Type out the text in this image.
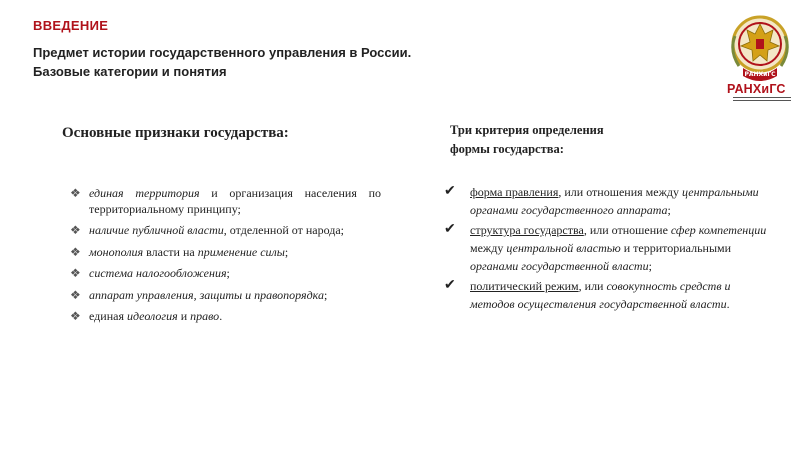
ВВЕДЕНИЕ
Предмет истории государственного управления в России.
Базовые категории и понятия	РАНХиГС
РАНХиГС
Основные признаки государства:
❖ единая территория и организация населения по территориальному принципу;
❖ наличие публичной власти, отделенной от народа;
❖ монополия власти на применение силы;
❖ система налогообложения;
❖ аппарат управления, защиты и правопорядка;
❖ единая идеология и право.
Три критерия определения
формы государства:
✔ форма правления, или отношения между центральными органами государственного аппарата;
✔ структура государства, или отношение сфер компетенции между центральной властью и территориальными органами государственной власти;
✔ политический режим, или совокупность средств и методов осуществления государственной власти.
